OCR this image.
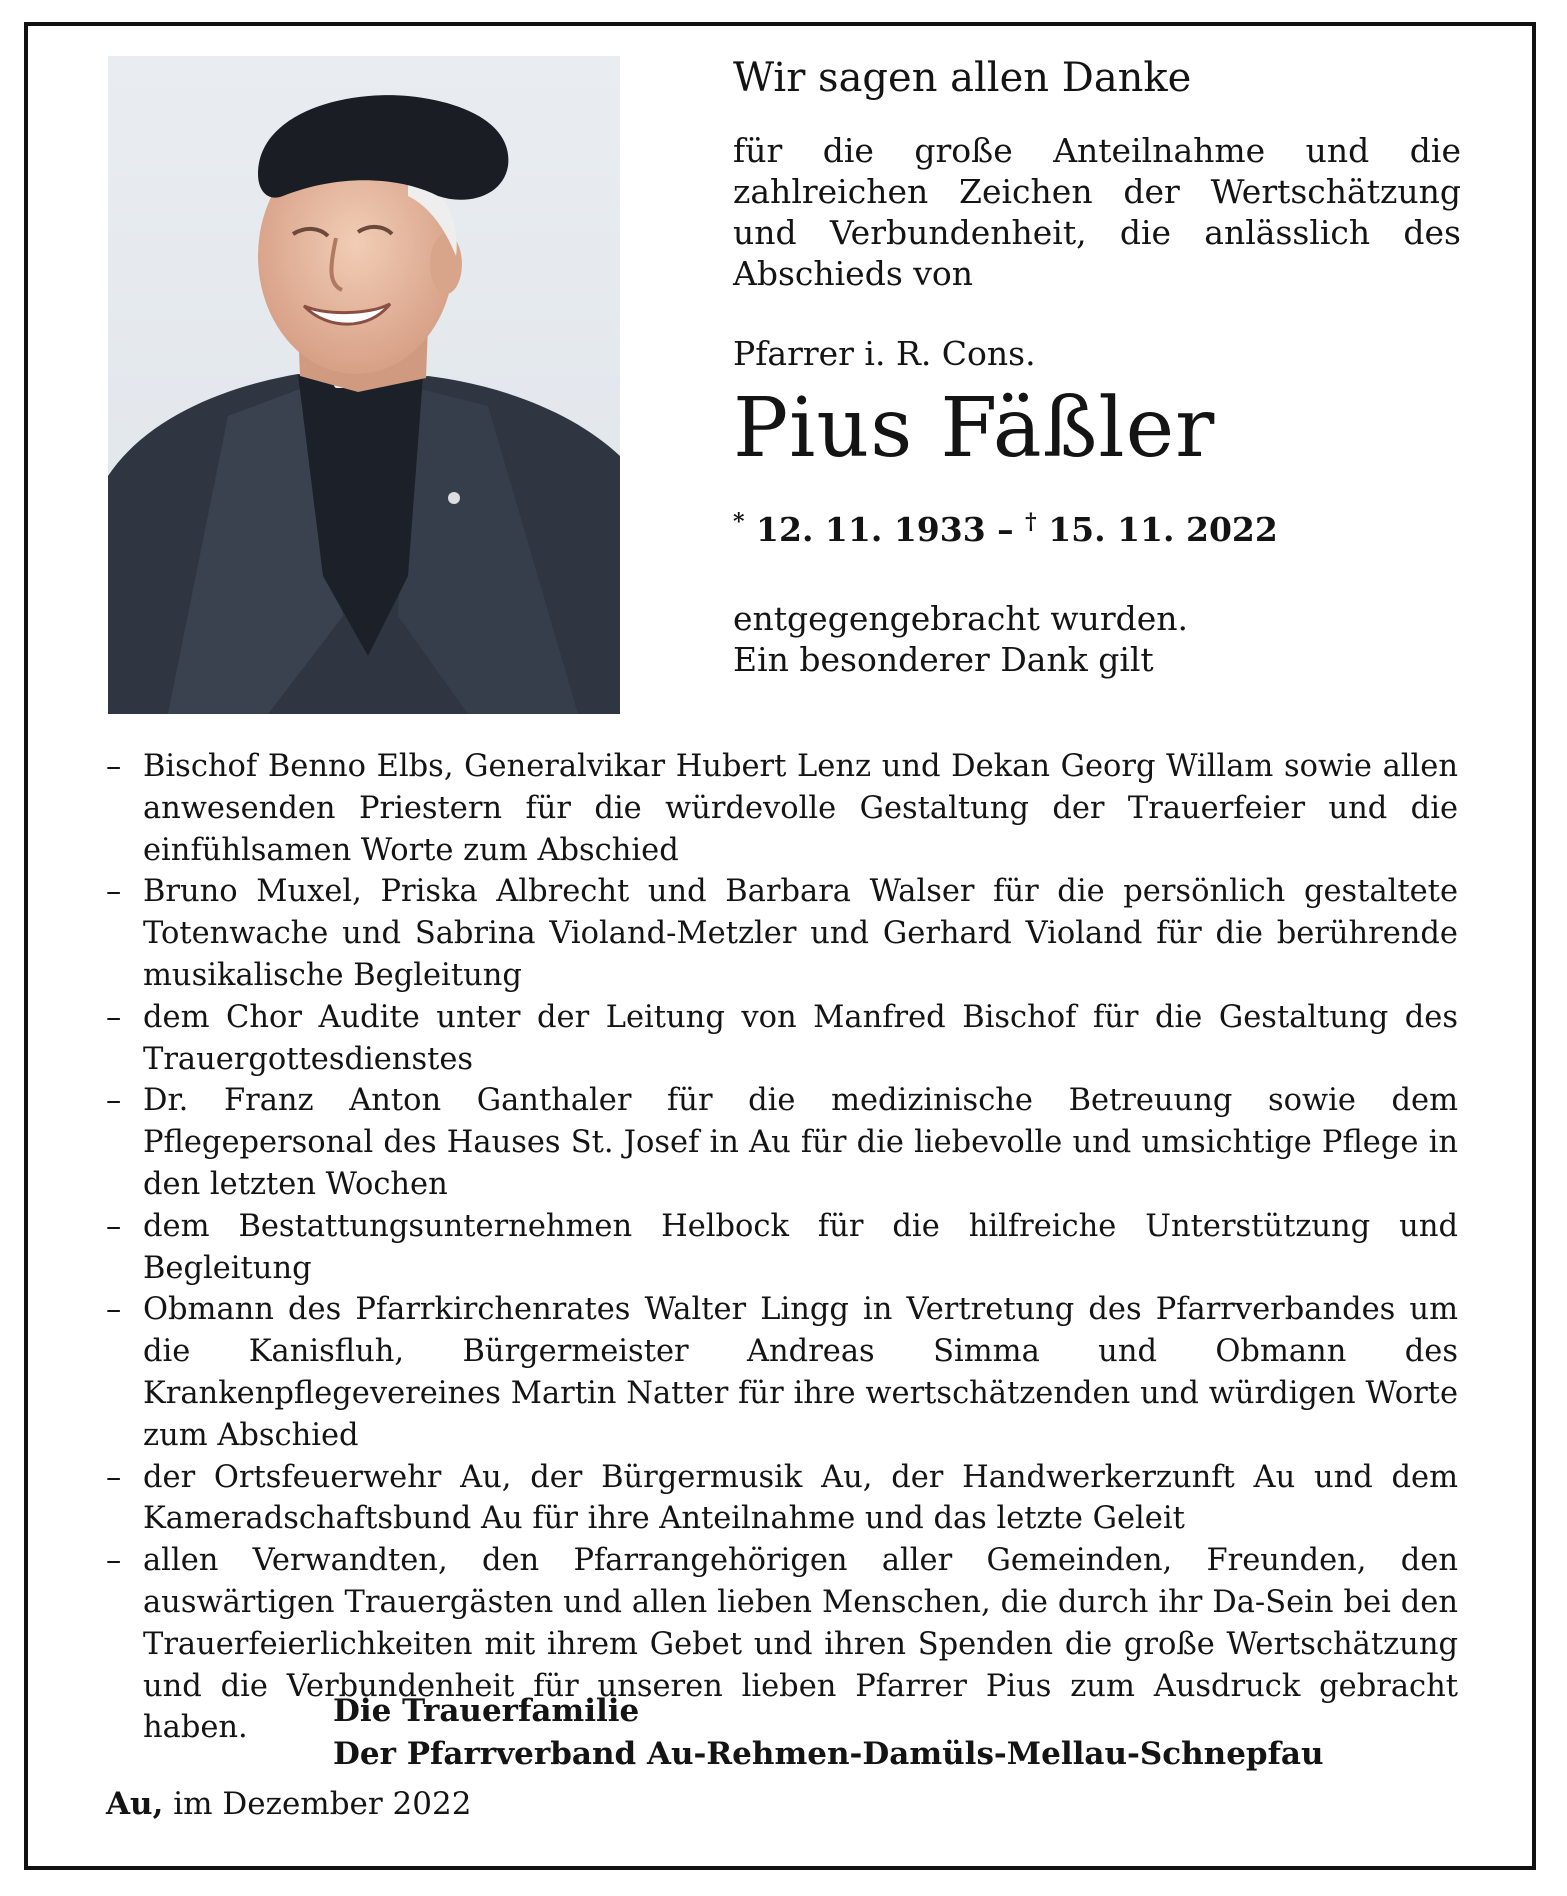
Wir sagen allen Danke

für die große Anteilnahme und die zahlreichen Zeichen der Wertschätzung und Verbundenheit, die anlässlich des Abschieds von

Pfarrer i. R. Cons.
Pius Fäßler
* 12. 11. 1933 – † 15. 11. 2022
entgegengebracht wurden.
Ein besonderer Dank gilt
– Bischof Benno Elbs, Generalvikar Hubert Lenz und Dekan Georg Willam sowie allen anwesenden Priestern für die würdevolle Gestaltung der Trauerfeier und die einfühlsamen Worte zum Abschied
– Bruno Muxel, Priska Albrecht und Barbara Walser für die persönlich gestaltete Totenwache und Sabrina Violand-Metzler und Gerhard Violand für die berührende musikalische Begleitung
– dem Chor Audite unter der Leitung von Manfred Bischof für die Gestaltung des Trauergottesdienstes
– Dr. Franz Anton Ganthaler für die medizinische Betreuung sowie dem Pflegepersonal des Hauses St. Josef in Au für die liebevolle und umsichtige Pflege in den letzten Wochen
– dem Bestattungsunternehmen Helbock für die hilfreiche Unterstützung und Begleitung
– Obmann des Pfarrkirchenrates Walter Lingg in Vertretung des Pfarrverbandes um die Kanisfluh, Bürgermeister Andreas Simma und Obmann des Krankenpflegevereines Martin Natter für ihre wertschätzenden und würdigen Worte zum Abschied
– der Ortsfeuerwehr Au, der Bürgermusik Au, der Handwerkerzunft Au und dem Kameradschaftsbund Au für ihre Anteilnahme und das letzte Geleit
– allen Verwandten, den Pfarrangehörigen aller Gemeinden, Freunden, den auswärtigen Trauergästen und allen lieben Menschen, die durch ihr Da-Sein bei den Trauerfeierlichkeiten mit ihrem Gebet und ihren Spenden die große Wertschätzung und die Verbundenheit für unseren lieben Pfarrer Pius zum Ausdruck gebracht haben.	Die Trauerfamilie
Der Pfarrverband Au-Rehmen-Damüls-Mellau-Schnepfau
Au, im Dezember 2022
